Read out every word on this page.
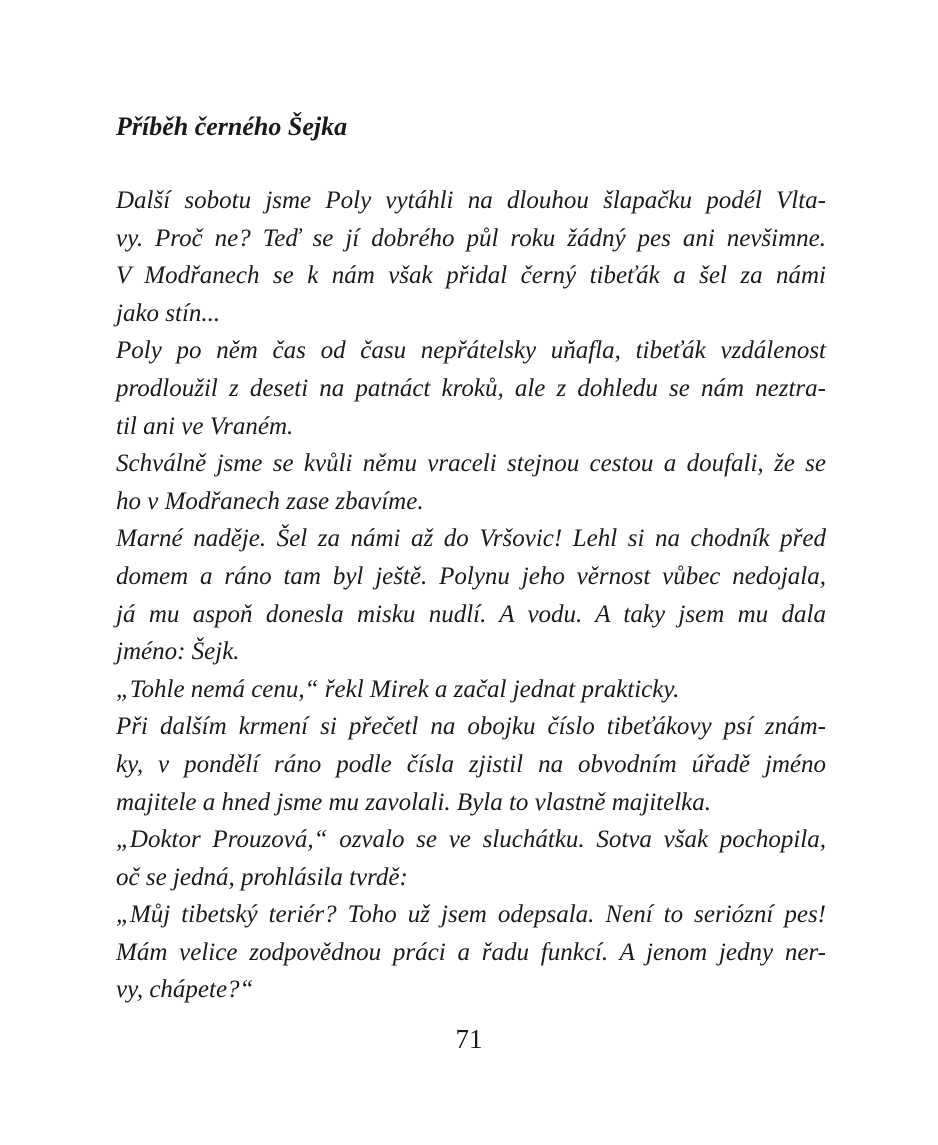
Příběh černého Šejka
Další sobotu jsme Poly vytáhli na dlouhou šlapačku podél Vlta-
vy. Proč ne? Teď se jí dobrého půl roku žádný pes ani nevšimne.
V Modřanech se k nám však přidal černý tibeťák a šel za námi
jako stín...
Poly po něm čas od času nepřátelsky uňafla, tibeťák vzdálenost
prodloužil z deseti na patnáct kroků, ale z dohledu se nám neztra-
til ani ve Vraném.
Schválně jsme se kvůli němu vraceli stejnou cestou a doufali, že se
ho v Modřanech zase zbavíme.
Marné naděje. Šel za námi až do Vršovic! Lehl si na chodník před
domem a ráno tam byl ještě. Polynu jeho věrnost vůbec nedojala,
já mu aspoň donesla misku nudlí. A vodu. A taky jsem mu dala
jméno: Šejk.
„Tohle nemá cenu,“ řekl Mirek a začal jednat prakticky.
Při dalším krmení si přečetl na obojku číslo tibeťákovy psí znám-
ky, v pondělí ráno podle čísla zjistil na obvodním úřadě jméno
majitele a hned jsme mu zavolali. Byla to vlastně majitelka.
„Doktor Prouzová,“ ozvalo se ve sluchátku. Sotva však pochopila,
oč se jedná, prohlásila tvrdě:
„Můj tibetský teriér? Toho už jsem odepsala. Není to seriózní pes!
Mám velice zodpovědnou práci a řadu funkcí. A jenom jedny ner-
vy, chápete?“
71
